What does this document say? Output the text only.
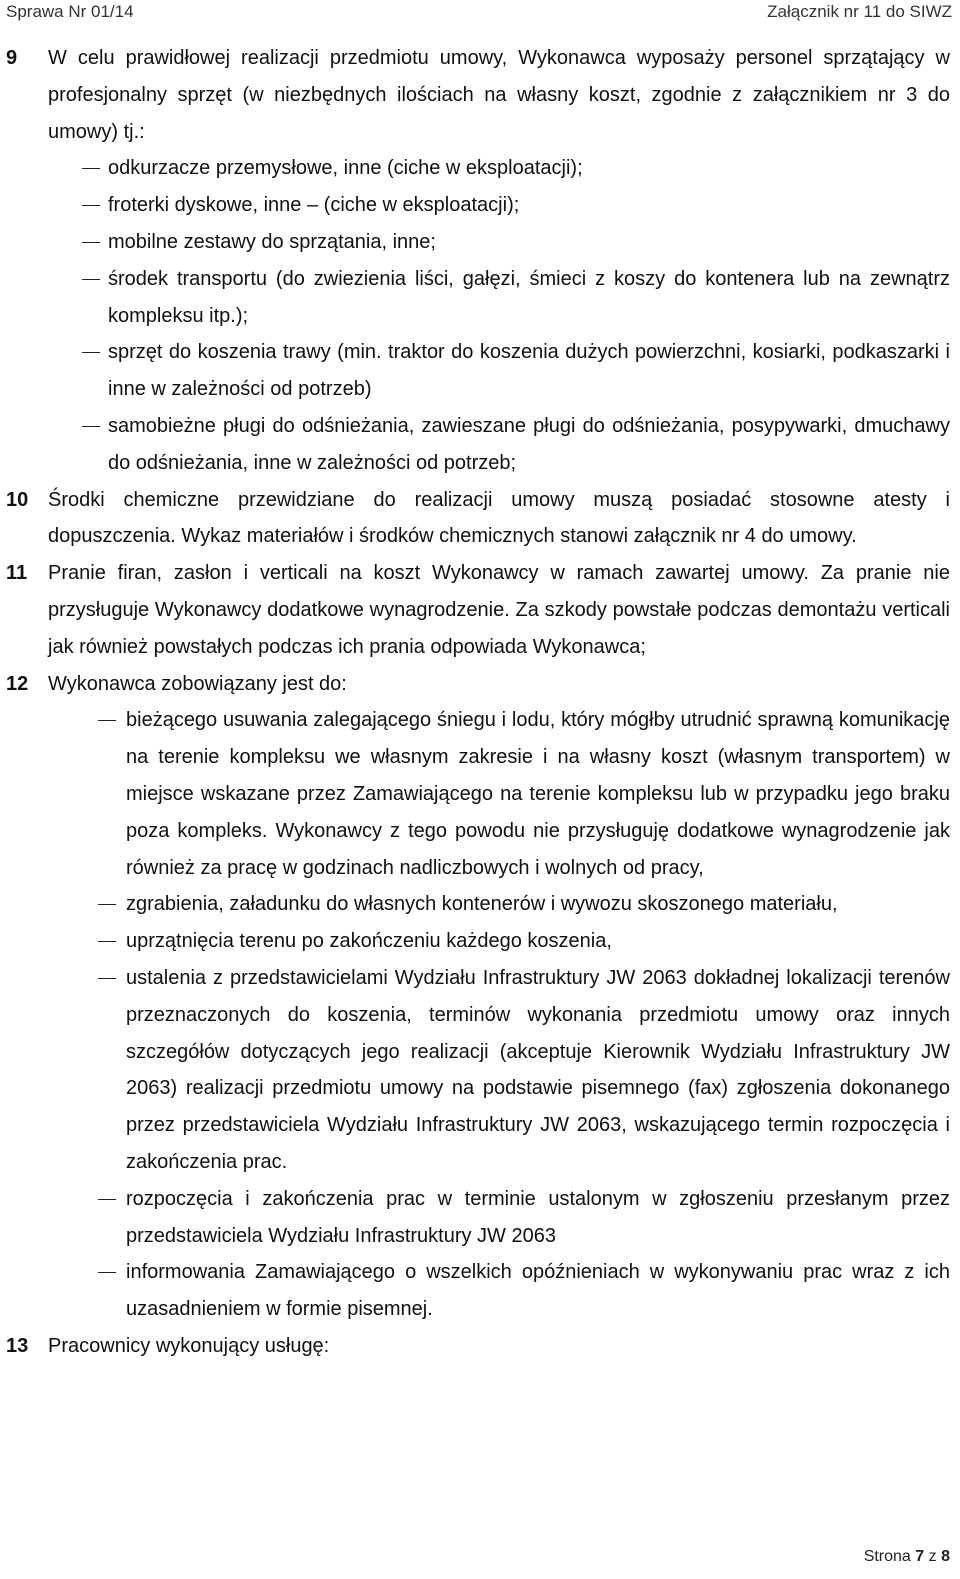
Sprawa Nr 01/14	Załącznik nr 11 do SIWZ
9 W celu prawidłowej realizacji przedmiotu umowy, Wykonawca wyposaży personel sprzątający w profesjonalny sprzęt (w niezbędnych ilościach na własny koszt, zgodnie z załącznikiem nr 3 do umowy) tj.:
odkurzacze przemysłowe, inne (ciche w eksploatacji);
froterki dyskowe, inne – (ciche w eksploatacji);
mobilne zestawy do sprzątania, inne;
środek transportu (do zwiezienia liści, gałęzi, śmieci z koszy do kontenera lub na zewnątrz kompleksu itp.);
sprzęt do koszenia trawy (min. traktor do koszenia dużych powierzchni, kosiarki, podkaszarki i inne w zależności od potrzeb)
samobieżne pługi do odśnieżania, zawieszane pługi do odśnieżania, posypywarki, dmuchawy do odśnieżania, inne w zależności od potrzeb;
10 Środki chemiczne przewidziane do realizacji umowy muszą posiadać stosowne atesty i dopuszczenia. Wykaz materiałów i środków chemicznych stanowi załącznik nr 4 do umowy.
11 Pranie firan, zasłon i verticali na koszt Wykonawcy w ramach zawartej umowy. Za pranie nie przysługuje Wykonawcy dodatkowe wynagrodzenie. Za szkody powstałe podczas demontażu verticali jak również powstałych podczas ich prania odpowiada Wykonawca;
12 Wykonawca zobowiązany jest do:
bieżącego usuwania zalegającego śniegu i lodu, który mógłby utrudnić sprawną komunikację na terenie kompleksu we własnym zakresie i na własny koszt (własnym transportem) w miejsce wskazane przez Zamawiającego na terenie kompleksu lub w przypadku jego braku poza kompleks. Wykonawcy z tego powodu nie przysługuję dodatkowe wynagrodzenie jak również za pracę w godzinach nadliczbowych i wolnych od pracy,
zgrabienia, załadunku do własnych kontenerów i wywozu skoszonego materiału,
uprzątnięcia terenu po zakończeniu każdego koszenia,
ustalenia z przedstawicielami Wydziału Infrastruktury JW 2063 dokładnej lokalizacji terenów przeznaczonych do koszenia, terminów wykonania przedmiotu umowy oraz innych szczegółów dotyczących jego realizacji (akceptuje Kierownik Wydziału Infrastruktury JW 2063) realizacji przedmiotu umowy na podstawie pisemnego (fax) zgłoszenia dokonanego przez przedstawiciela Wydziału Infrastruktury JW 2063, wskazującego termin rozpoczęcia i zakończenia prac.
rozpoczęcia i zakończenia prac w terminie ustalonym w zgłoszeniu przesłanym przez przedstawiciela Wydziału Infrastruktury JW 2063
informowania Zamawiającego o wszelkich opóźnieniach w wykonywaniu prac wraz z ich uzasadnieniem w formie pisemnej.
13 Pracownicy wykonujący usługę:
Strona 7 z 8
